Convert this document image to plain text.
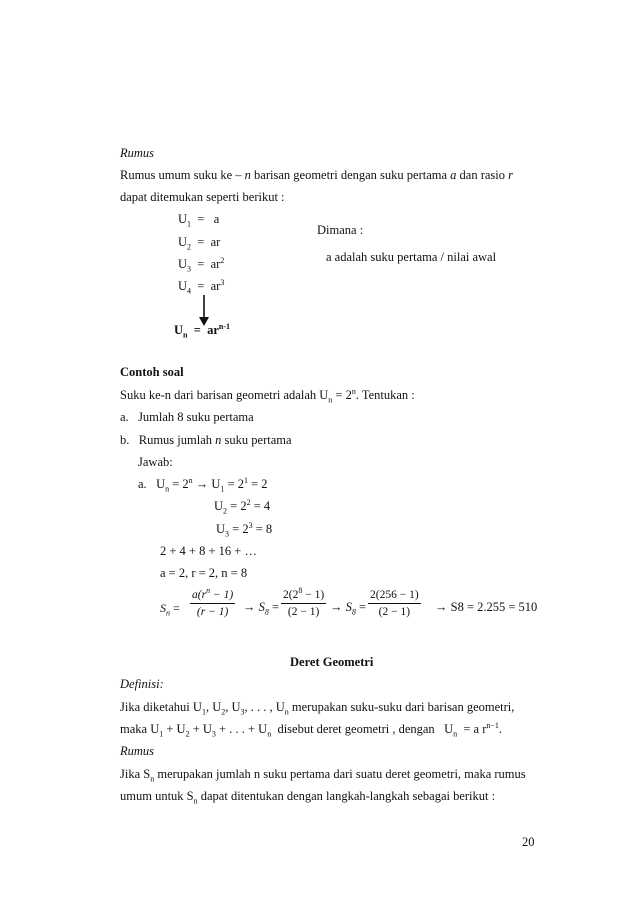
Rumus
Rumus umum suku ke – n barisan geometri dengan suku pertama a dan rasio r
dapat ditemukan seperti berikut :
$U_1 = a$
$U_2$ = ar
$U_3 = ar^2$
$U_4 = ar^3$
Dimana :
a adalah suku pertama / nilai awal
$U_n = ar^{n-1}$
Contoh soal
Suku ke-n dari barisan geometri adalah $U_n = 2^n$. Tentukan :
a. Jumlah 8 suku pertama
b. Rumus jumlah n suku pertama
Jawab:
a. $U_n = 2^n \to U_1 = 2^1 = 2$
$U_2 = 2^2 = 4$
$U_3 = 2^3 = 8$
2 + 4 + 8 + 16 + …
a = 2, r = 2, n = 8
$S_n = \frac{a(r^n - 1)}{(r - 1)} \to S_8 = \frac{2(2^8 - 1)}{(2 - 1)} \to S_8 = \frac{2(256 - 1)}{(2 - 1)} \to S8 = 2.255 = 510$
Deret Geometri
Definisi:
Jika diketahui $U_1$, $U_2$, $U_3$, . . . , $U_n$ merupakan suku-suku dari barisan geometri,
maka $U_1 + U_2 + U_3$ + . . . + $U_n$ disebut deret geometri , dengan   $U_n = a$ $r^{n-1}$.
Rumus
Jika $S_n$ merupakan jumlah n suku pertama dari suatu deret geometri, maka rumus
umum untuk $S_n$ dapat ditentukan dengan langkah-langkah sebagai berikut :
20
